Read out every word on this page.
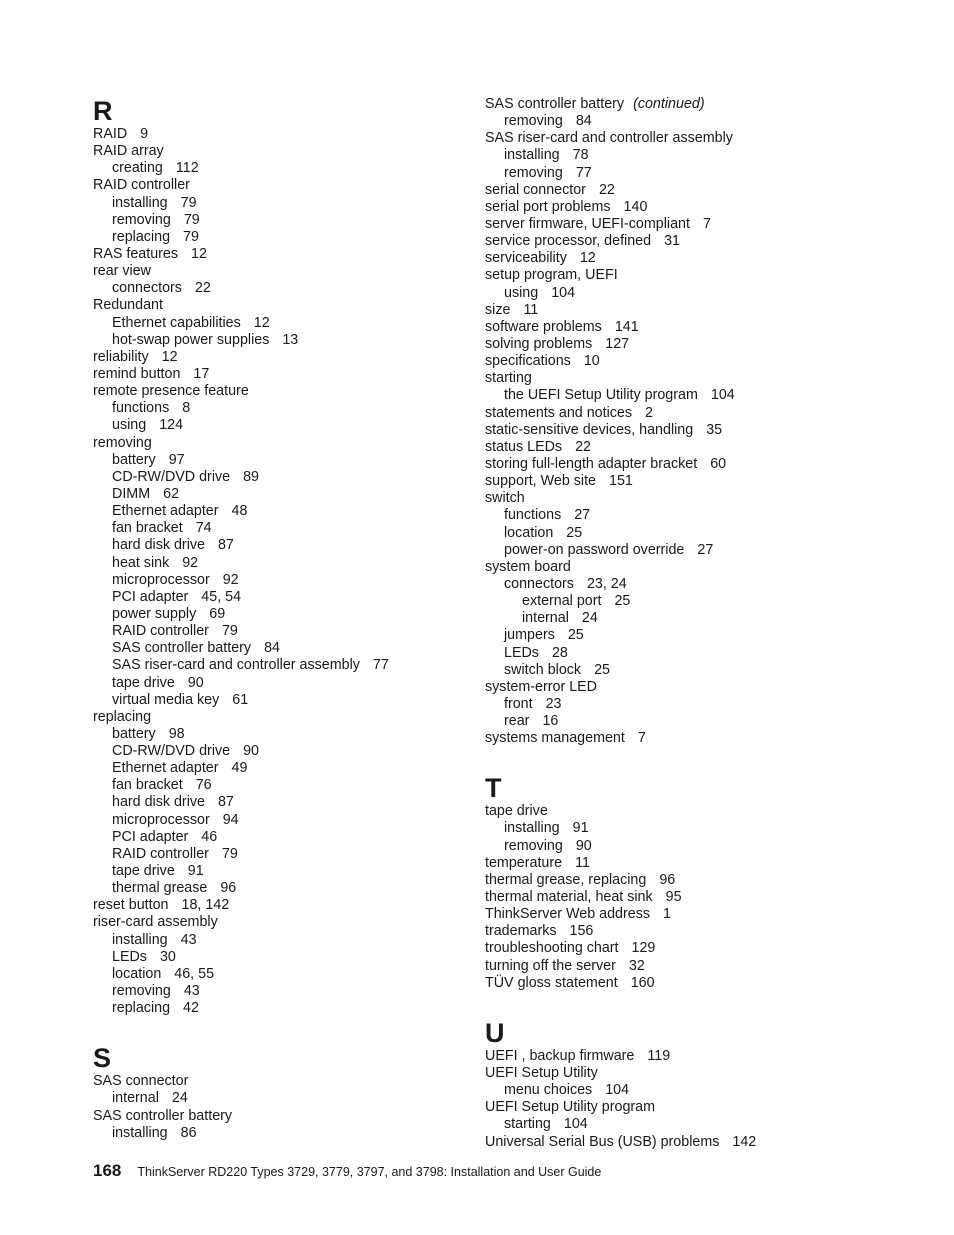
R
RAID 9
RAID array
creating 112
RAID controller
installing 79
removing 79
replacing 79
RAS features 12
rear view
connectors 22
Redundant
Ethernet capabilities 12
hot-swap power supplies 13
reliability 12
remind button 17
remote presence feature
functions 8
using 124
removing
battery 97
CD-RW/DVD drive 89
DIMM 62
Ethernet adapter 48
fan bracket 74
hard disk drive 87
heat sink 92
microprocessor 92
PCI adapter 45, 54
power supply 69
RAID controller 79
SAS controller battery 84
SAS riser-card and controller assembly 77
tape drive 90
virtual media key 61
replacing
battery 98
CD-RW/DVD drive 90
Ethernet adapter 49
fan bracket 76
hard disk drive 87
microprocessor 94
PCI adapter 46
RAID controller 79
tape drive 91
thermal grease 96
reset button 18, 142
riser-card assembly
installing 43
LEDs 30
location 46, 55
removing 43
replacing 42
S
SAS connector
internal 24
SAS controller battery
installing 86
SAS controller battery (continued)
removing 84
SAS riser-card and controller assembly
installing 78
removing 77
serial connector 22
serial port problems 140
server firmware, UEFI-compliant 7
service processor, defined 31
serviceability 12
setup program, UEFI
using 104
size 11
software problems 141
solving problems 127
specifications 10
starting
the UEFI Setup Utility program 104
statements and notices 2
static-sensitive devices, handling 35
status LEDs 22
storing full-length adapter bracket 60
support, Web site 151
switch
functions 27
location 25
power-on password override 27
system board
connectors 23, 24
external port 25
internal 24
jumpers 25
LEDs 28
switch block 25
system-error LED
front 23
rear 16
systems management 7
T
tape drive
installing 91
removing 90
temperature 11
thermal grease, replacing 96
thermal material, heat sink 95
ThinkServer Web address 1
trademarks 156
troubleshooting chart 129
turning off the server 32
TÜV gloss statement 160
U
UEFI , backup firmware 119
UEFI Setup Utility
menu choices 104
UEFI Setup Utility program
starting 104
Universal Serial Bus (USB) problems 142
168 ThinkServer RD220 Types 3729, 3779, 3797, and 3798: Installation and User Guide
